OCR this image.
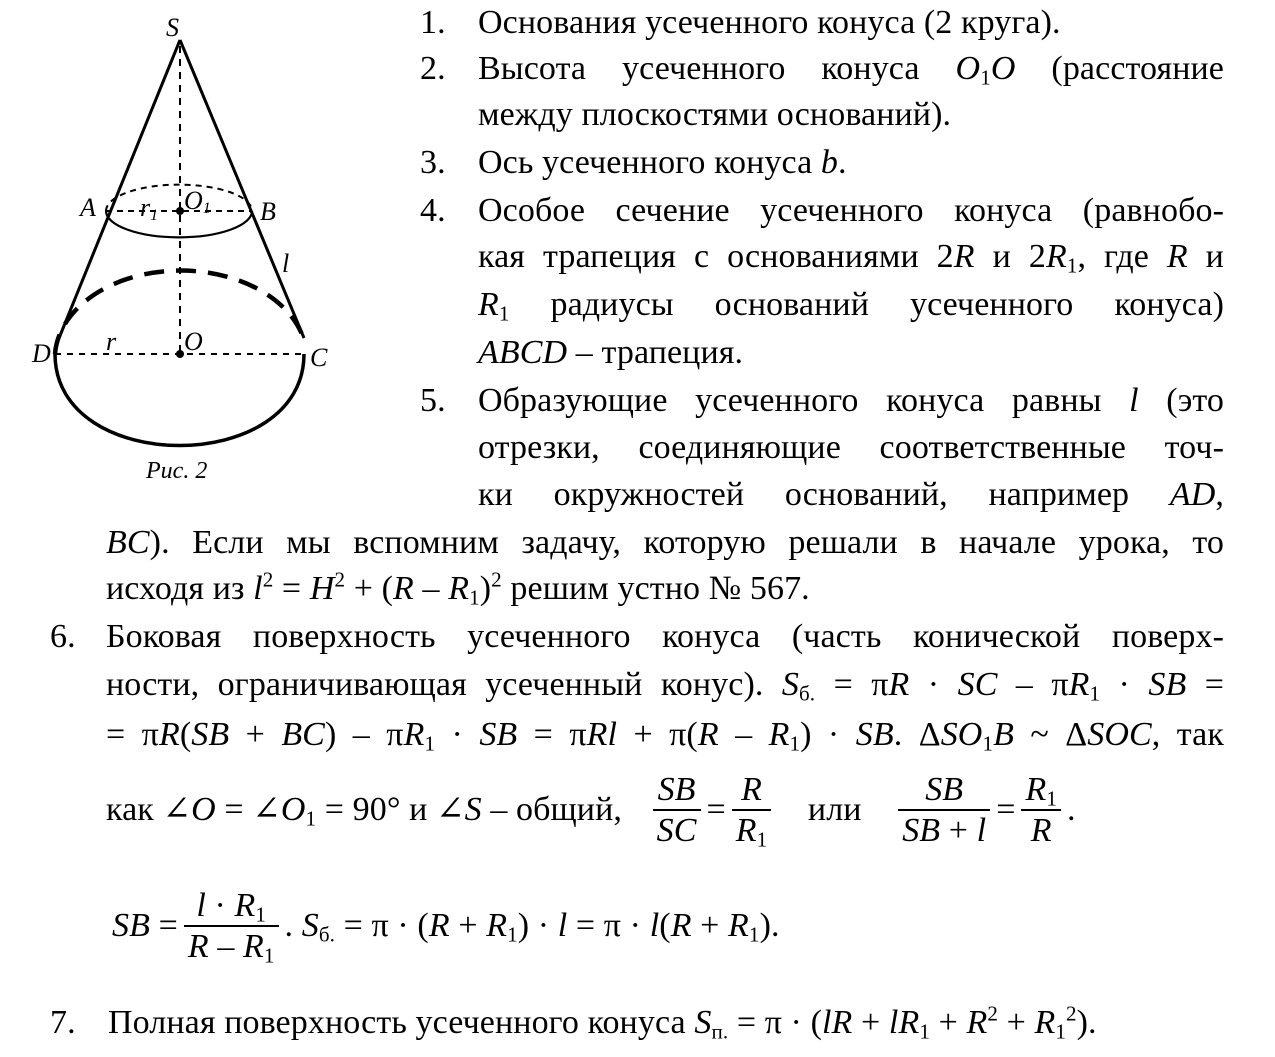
S
A	B
r1
O1
l
D	C
O
r
Рис. 2
1. Основания усеченного конуса (2 круга).
2. Высота усеченного конуса $O_1O$ (расстояние
между плоскостями оснований).
3. Ось усеченного конуса b.
4. Особое сечение усеченного конуса (равнобо-
кая трапеция с основаниями 2R и $2R_1$, где R и
$R_1$ радиусы оснований усеченного конуса)
ABCD – трапеция.
5. Образующие усеченного конуса равны l (это
отрезки, соединяющие соответственные точ-
ки окружностей оснований, например AD,
BC). Если мы вспомним задачу, которую решали в начале урока, то
исходя из $l^2 = H^2 + (R - R_1)^2$ решим устно № 567.
6. Боковая поверхность усеченного конуса (часть конической поверх-
ности, ограничивающая усеченный конус). $S_{б.} = \pi R$ · SC – $\pi R_1$ · SB =
= $\pi R(SB + BC) - \pi R_1$ · SB = $\pi Rl + \pi(R - R_1)$ · SB. $\Delta SO_1B$ ~ ΔSOC, так
как ∠O = $\angle O_1 = 90^\circ$ и ∠S – общий, $\frac{SB}{SC} = \frac{R}{R_1}$ или $\frac{SB}{SB + l} = \frac{R_1}{R}$ .
SB = $\frac{l \cdot R_1}{R - R_1}$ . $S_{б.} = \pi \cdot (R + R_1) \cdot l = \pi \cdot l(R + R_1)$.
7. Полная поверхность усеченного конуса $S_{п.} = \pi \cdot (lR + lR_1 + R^2 + R_1^2)$.
